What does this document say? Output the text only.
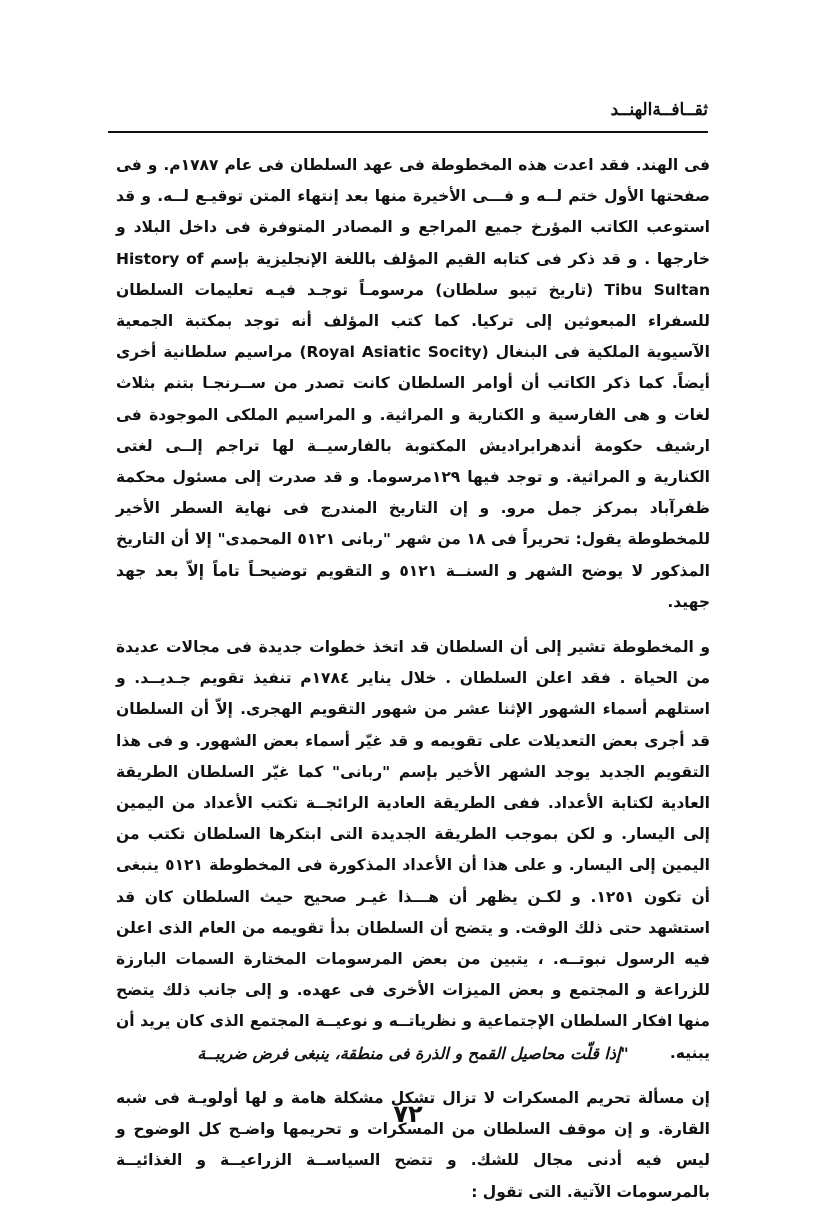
ثقــافــةالهنــد

فى الهند. فقد اعدت هذه المخطوطة فى عهد السلطان فى عام ١٧٨٧م. و فى صفحتها الأول ختم لــه و فـــى الأخيرة منها بعد إنتهاء المتن توقيـع لــه. و قد استوعب الكاتب المؤرخ جميع المراجع و المصادر المتوفرة فى داخل البلاد و خارجها . و قد ذكر فى كتابه القيم المؤلف باللغة الإنجليزية بإسم History of Tibu Sultan (تاريخ تيبو سلطان) مرسومـاً توجـد فيـه تعليمات السلطان للسفراء المبعوثين إلى تركيا. كما كتب المؤلف أنه توجد بمكتبة الجمعية الآسيوية الملكية فى البنغال (Royal Asiatic Socity) مراسيم سلطانية أخرى أيضاً. كما ذكر الكاتب أن أوامر السلطان كانت تصدر من ســرنجـا بتنم بثلاث لغات و هى الفارسية و الكنارية و المراثية. و المراسيم الملكى الموجودة فى ارشيف حكومة أندهرابراديش المكتوبة بالفارسيــة لها تراجم إلــى لغتى الكنارية و المراثية. و توجد فيها ١٢٩مرسوما. و قد صدرت إلى مسئول محكمة ظفرآباد بمركز جمل مرو. و إن التاريخ المندرج فى نهاية السطر الأخير للمخطوطة يقول: تحريراً فى ١٨ من شهر "ربانى ٥١٢١ المحمدى" إلا أن التاريخ المذكور لا يوضح الشهر و السنــة ٥١٢١ و التقويم توضيحـاً تاماً إلاّ بعد جهد جهيد.

و المخطوطة تشير إلى أن السلطان قد اتخذ خطوات جديدة فى مجالات عديدة من الحياة . فقد اعلن السلطان . خلال يناير ١٧٨٤م تنفيذ تقويم جـديــد. و استلهم أسماء الشهور الإثنا عشر من شهور التقويم الهجرى. إلاّ أن السلطان قد أجرى بعض التعديلات على تقويمه و قد غيّر أسماء بعض الشهور. و فى هذا التقويم الجديد يوجد الشهر الأخير بإسم "ربانى" كما غيّر السلطان الطريقة العادية لكتابة الأعداد. ففى الطريقة العادية الرائجــة تكتب الأعداد من اليمين إلى اليسار. و لكن بموجب الطريقة الجديدة التى ابتكرها السلطان تكتب من اليمين إلى اليسار. و على هذا أن الأعداد المذكورة فى المخطوطة ٥١٢١ ينبغى أن تكون ١٢٥١. و لكـن يظهر أن هـــذا غيـر صحيح حيث السلطان كان قد استشهد حتى ذلك الوقت. و يتضح أن السلطان بدأ تقويمه من العام الذى اعلن فيه الرسول نبوتــه. ، يتبين من بعض المرسومات المختارة السمات البارزة للزراعة و المجتمع و بعض الميزات الأخرى فى عهده. و إلى جانب ذلك يتضح منها افكار السلطان الإجتماعية و نظرياتــه و نوعيــة المجتمع الذى كان يريد أن يبنيه.

إن مسألة تحريم المسكرات لا تزال تشكل مشكلة هامة و لها أولويـة فى شبه القارة. و إن موقف السلطان من المسكرات و تحريمها واضـح كل الوضوح و ليس فيه أدنى مجال للشك. و تتضح السياســة الزراعيــة و الغذائيــة بالمرسومات الآتية. التى تقول :

"إذا قلّت محاصيل القمح و الذرة فى منطقة، ينبغى فرض ضريبــة
٧٢
